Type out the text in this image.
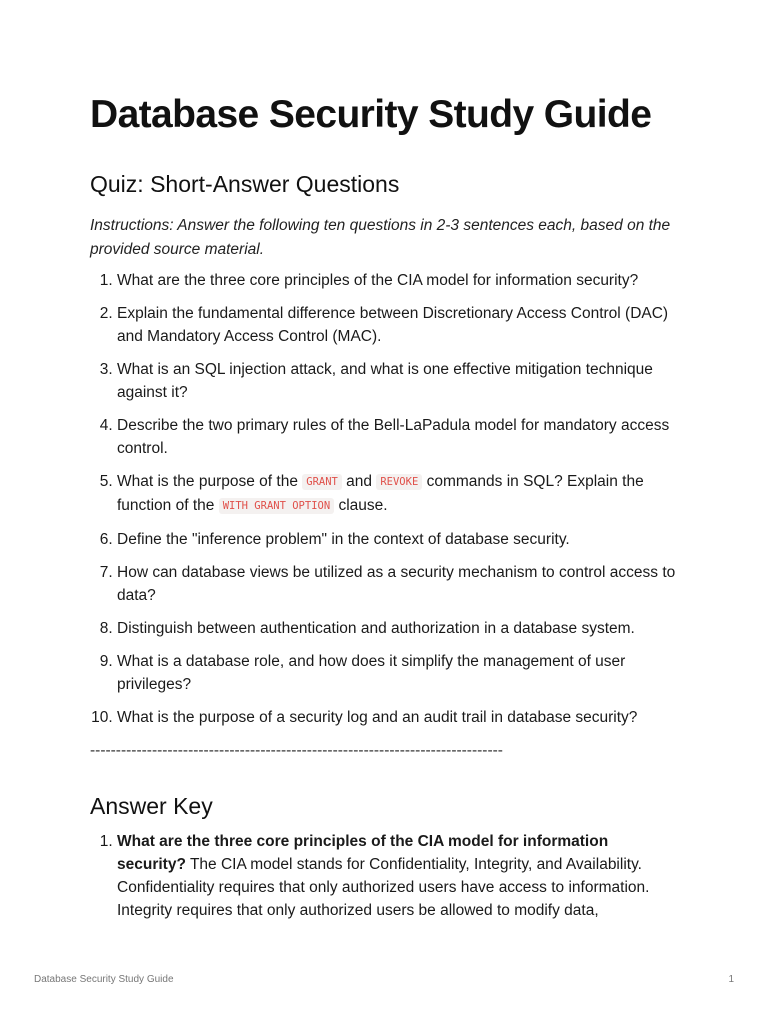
Database Security Study Guide
Quiz: Short-Answer Questions

Instructions: Answer the following ten questions in 2-3 sentences each, based on the provided source material.

1. What are the three core principles of the CIA model for information security?
2. Explain the fundamental difference between Discretionary Access Control (DAC) and Mandatory Access Control (MAC).
3. What is an SQL injection attack, and what is one effective mitigation technique against it?
4. Describe the two primary rules of the Bell-LaPadula model for mandatory access control.
5. What is the purpose of the GRANT and REVOKE commands in SQL? Explain the function of the WITH GRANT OPTION clause.
6. Define the "inference problem" in the context of database security.
7. How can database views be utilized as a security mechanism to control access to data?
8. Distinguish between authentication and authorization in a database system.
9. What is a database role, and how does it simplify the management of user privileges?
10. What is the purpose of a security log and an audit trail in database security?
--------------------------------------------------------------------------------
Answer Key
1. What are the three core principles of the CIA model for information security? The CIA model stands for Confidentiality, Integrity, and Availability. Confidentiality requires that only authorized users have access to information. Integrity requires that only authorized users be allowed to modify data,
Database Security Study Guide	1
